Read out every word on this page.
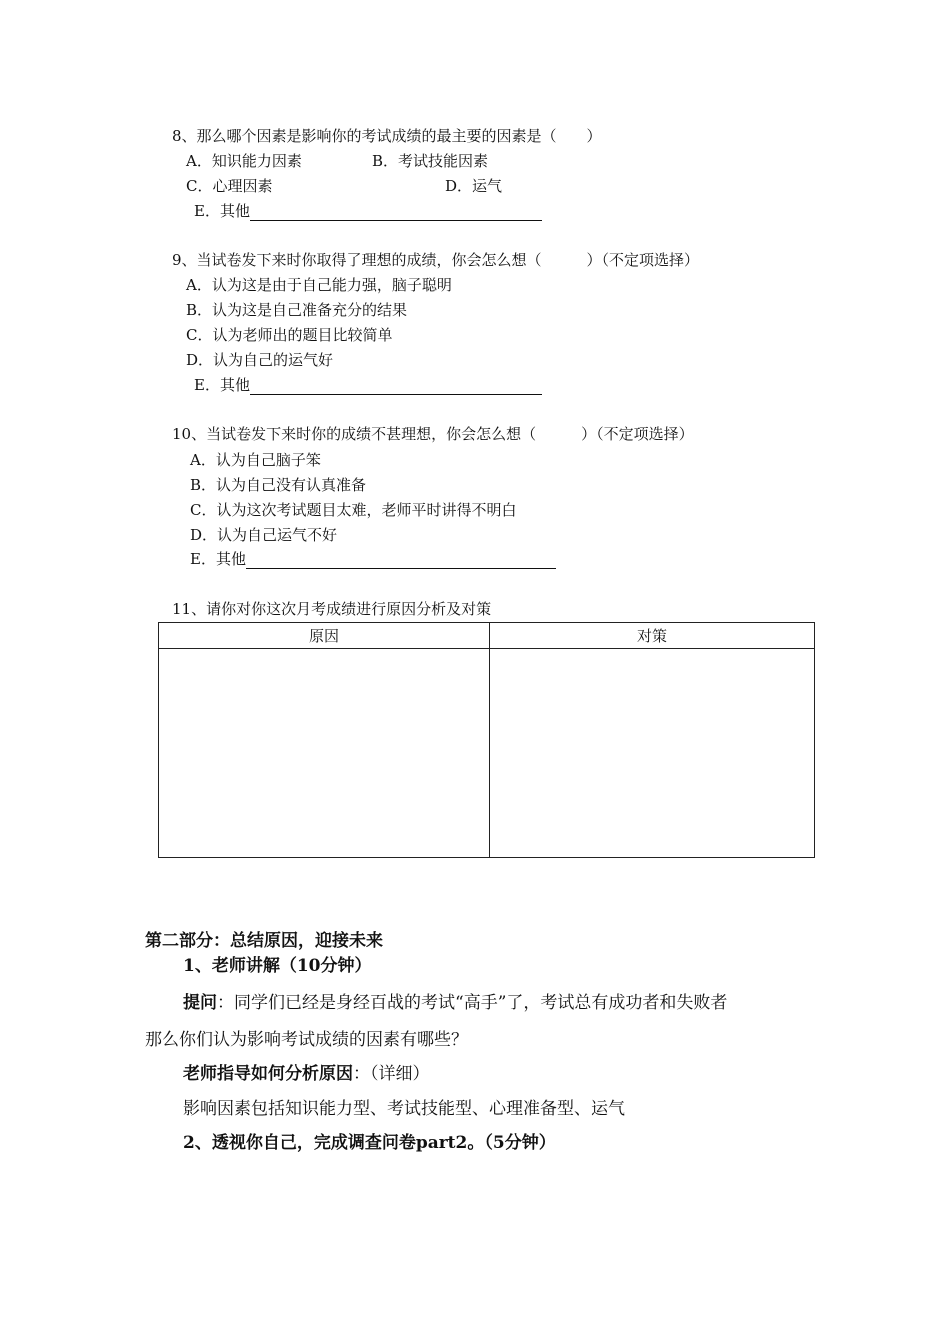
8、那么哪个因素是影响你的考试成绩的最主要的因素是（　　）
A．知识能力因素	B．考试技能因素
C．心理因素	D．运气
E．其他
9、当试卷发下来时你取得了理想的成绩，你会怎么想（　　　）（不定项选择）
A．认为这是由于自己能力强，脑子聪明
B．认为这是自己准备充分的结果
C．认为老师出的题目比较简单
D．认为自己的运气好
E．其他
10、当试卷发下来时你的成绩不甚理想，你会怎么想（　　　）（不定项选择）
A．认为自己脑子笨
B．认为自己没有认真准备
C．认为这次考试题目太难，老师平时讲得不明白
D．认为自己运气不好
E．其他
11、请你对你这次月考成绩进行原因分析及对策
原因	对策

第二部分：总结原因，迎接未来
1、老师讲解（10分钟）
提问：同学们已经是身经百战的考试“高手”了，考试总有成功者和失败者
那么你们认为影响考试成绩的因素有哪些？
老师指导如何分析原因：（详细）
影响因素包括知识能力型、考试技能型、心理准备型、运气
2、透视你自己，完成调查问卷part2。（5分钟）
